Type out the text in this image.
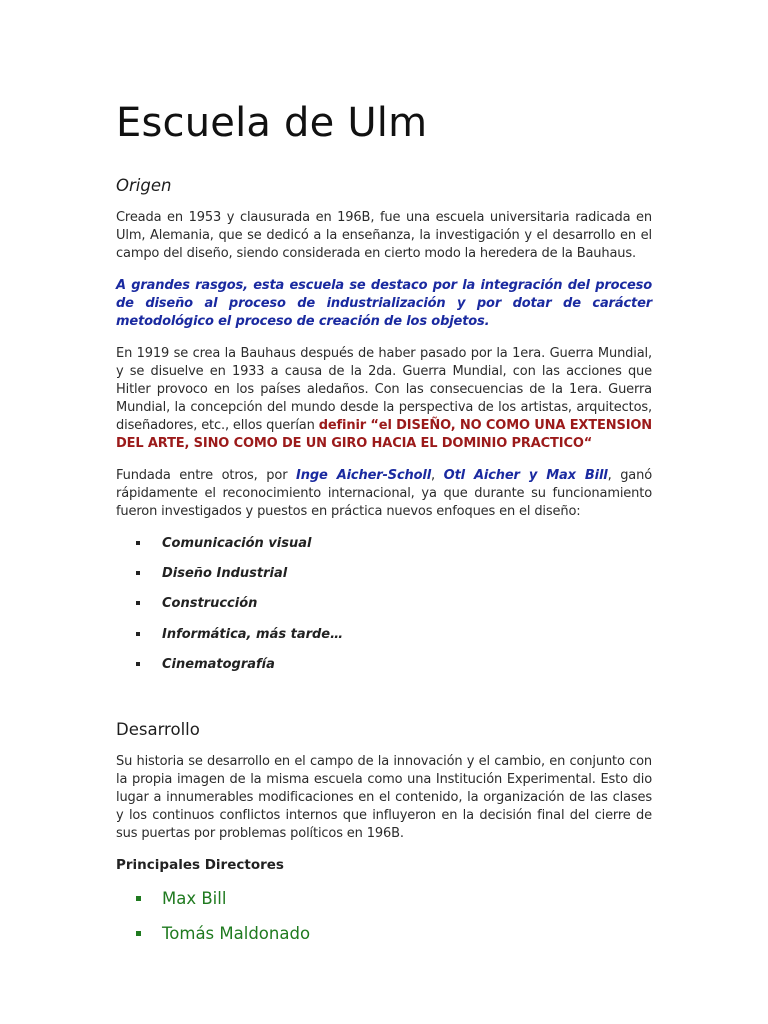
Escuela de Ulm
Origen

Creada en 1953 y clausurada en 196B, fue una escuela universitaria radicada en Ulm, Alemania, que se dedicó a la enseñanza, la investigación y el desarrollo en el campo del diseño, siendo considerada en cierto modo la heredera de la Bauhaus.

A grandes rasgos, esta escuela se destaco por la integración del proceso de diseño al proceso de industrialización y por dotar de carácter metodológico el proceso de creación de los objetos.

En 1919 se crea la Bauhaus después de haber pasado por la 1era. Guerra Mundial, y se disuelve en 1933 a causa de la 2da. Guerra Mundial, con las acciones que Hitler provoco en los países aledaños. Con las consecuencias de la 1era. Guerra Mundial, la concepción del mundo desde la perspectiva de los artistas, arquitectos, diseñadores, etc., ellos querían definir “el DISEÑO, NO COMO UNA EXTENSION DEL ARTE, SINO COMO DE UN GIRO HACIA EL DOMINIO PRACTICO“

Fundada entre otros, por Inge Aicher-Scholl, Otl Aicher y Max Bill, ganó rápidamente el reconocimiento internacional, ya que durante su funcionamiento fueron investigados y puestos en práctica nuevos enfoques en el diseño:

Comunicación visual
Diseño Industrial
Construcción
Informática, más tarde…
Cinematografía
Desarrollo

Su historia se desarrollo en el campo de la innovación y el cambio, en conjunto con la propia imagen de la misma escuela como una Institución Experimental. Esto dio lugar a innumerables modificaciones en el contenido, la organización de las clases y los continuos conflictos internos que influyeron en la decisión final del cierre de sus puertas por problemas políticos en 196B.

Principales Directores
Max Bill
Tomás Maldonado
